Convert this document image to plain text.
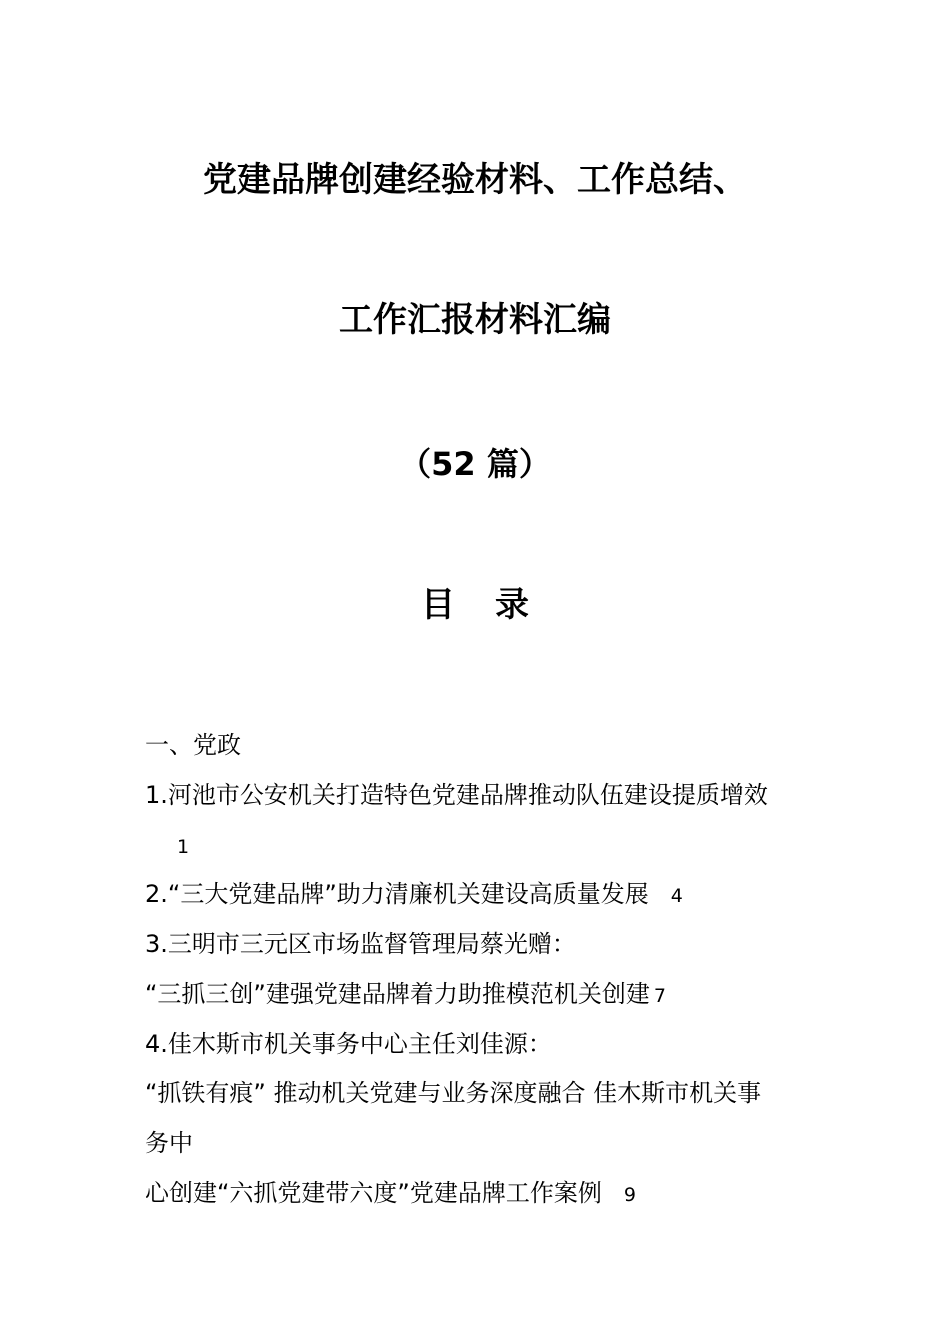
党建品牌创建经验材料、工作总结、
工作汇报材料汇编
（52 篇）
目 录
一、党政
1.河池市公安机关打造特色党建品牌推动队伍建设提质增效
1
2.“三大党建品牌”助力清廉机关建设高质量发展 4
3.三明市三元区市场监督管理局蔡光赠：
“三抓三创”建强党建品牌着力助推模范机关创建 7
4.佳木斯市机关事务中心主任刘佳源：
“抓铁有痕” 推动机关党建与业务深度融合 佳木斯市机关事
务中
心创建“六抓党建带六度”党建品牌工作案例 9
